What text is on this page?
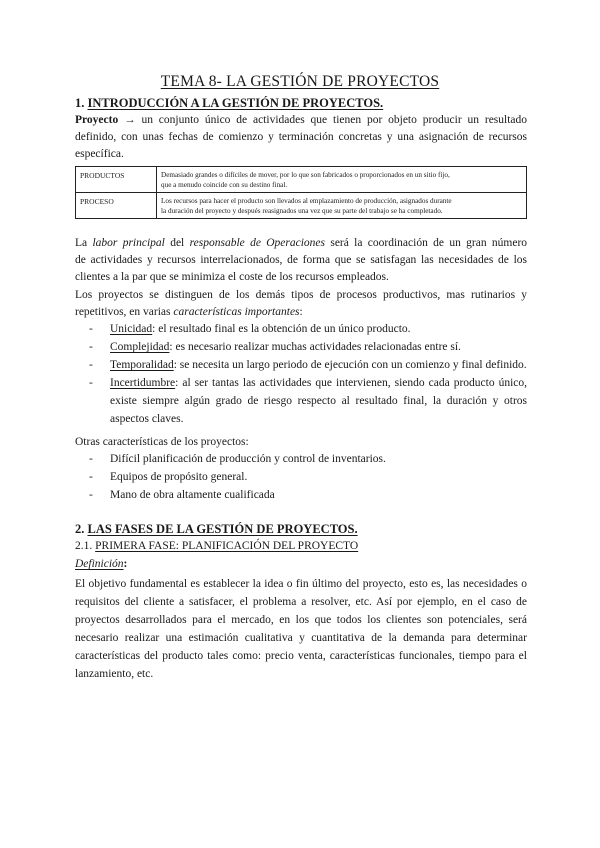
TEMA 8- LA GESTIÓN DE PROYECTOS
1. INTRODUCCIÓN A LA GESTIÓN DE PROYECTOS.
Proyecto → un conjunto único de actividades que tienen por objeto producir un resultado
definido, con unas fechas de comienzo y terminación concretas y una asignación de recursos
específica.
PRODUCTOS	Demasiado grandes o difíciles de mover, por lo que son fabricados o proporcionados en un sitio fijo,
que a menudo coincide con su destino final.

PROCESO	Los recursos para hacer el producto son llevados al emplazamiento de producción, asignados durante
la duración del proyecto y después reasignados una vez que su parte del trabajo se ha completado.
La labor principal del responsable de Operaciones será la coordinación de un gran número
de actividades y recursos interrelacionados, de forma que se satisfagan las necesidades de los
clientes a la par que se minimiza el coste de los recursos empleados.
Los proyectos se distinguen de los demás tipos de procesos productivos, mas rutinarios y
repetitivos, en varias características importantes:
- Unicidad: el resultado final es la obtención de un único producto.
- Complejidad: es necesario realizar muchas actividades relacionadas entre sí.
- Temporalidad: se necesita un largo periodo de ejecución con un comienzo y final definido.
- Incertidumbre: al ser tantas las actividades que intervienen, siendo cada producto único, existe siempre algún grado de riesgo respecto al resultado final, la duración y otros aspectos claves.
Otras características de los proyectos:
- Difícil planificación de producción y control de inventarios.
- Equipos de propósito general.
- Mano de obra altamente cualificada
2. LAS FASES DE LA GESTIÓN DE PROYECTOS.
2.1. PRIMERA FASE: PLANIFICACIÓN DEL PROYECTO
Definición:
El objetivo fundamental es establecer la idea o fin último del proyecto, esto es, las necesidades o requisitos del cliente a satisfacer, el problema a resolver, etc. Así por ejemplo, en el caso de proyectos desarrollados para el mercado, en los que todos los clientes son potenciales, será necesario realizar una estimación cualitativa y cuantitativa de la demanda para determinar características del producto tales como: precio venta, características funcionales, tiempo para el lanzamiento, etc.
